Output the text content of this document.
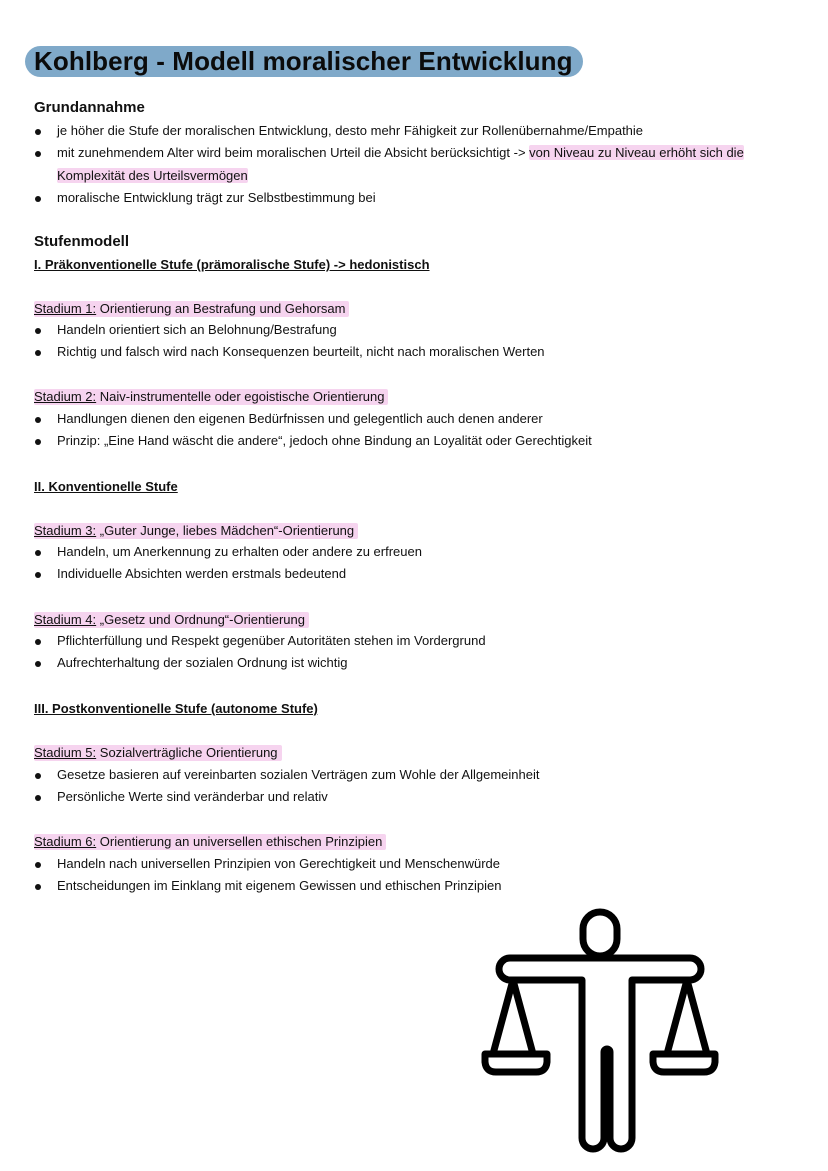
Kohlberg - Modell moralischer Entwicklung
Grundannahme
je höher die Stufe der moralischen Entwicklung, desto mehr Fähigkeit zur Rollenübernahme/Empathie
mit zunehmendem Alter wird beim moralischen Urteil die Absicht berücksichtigt -> von Niveau zu Niveau erhöht sich die
Komplexität des Urteilsvermögen
moralische Entwicklung trägt zur Selbstbestimmung bei
Stufenmodell
I. Präkonventionelle Stufe (prämoralische Stufe) -> hedonistisch
Stadium 1: Orientierung an Bestrafung und Gehorsam
Handeln orientiert sich an Belohnung/Bestrafung
Richtig und falsch wird nach Konsequenzen beurteilt, nicht nach moralischen Werten
Stadium 2: Naiv-instrumentelle oder egoistische Orientierung
Handlungen dienen den eigenen Bedürfnissen und gelegentlich auch denen anderer
Prinzip: „Eine Hand wäscht die andere“, jedoch ohne Bindung an Loyalität oder Gerechtigkeit
II. Konventionelle Stufe
Stadium 3: „Guter Junge, liebes Mädchen“-Orientierung
Handeln, um Anerkennung zu erhalten oder andere zu erfreuen
Individuelle Absichten werden erstmals bedeutend
Stadium 4: „Gesetz und Ordnung“-Orientierung
Pflichterfüllung und Respekt gegenüber Autoritäten stehen im Vordergrund
Aufrechterhaltung der sozialen Ordnung ist wichtig
III. Postkonventionelle Stufe (autonome Stufe)
Stadium 5: Sozialverträgliche Orientierung
Gesetze basieren auf vereinbarten sozialen Verträgen zum Wohle der Allgemeinheit
Persönliche Werte sind veränderbar und relativ
Stadium 6: Orientierung an universellen ethischen Prinzipien
Handeln nach universellen Prinzipien von Gerechtigkeit und Menschenwürde
Entscheidungen im Einklang mit eigenem Gewissen und ethischen Prinzipien
